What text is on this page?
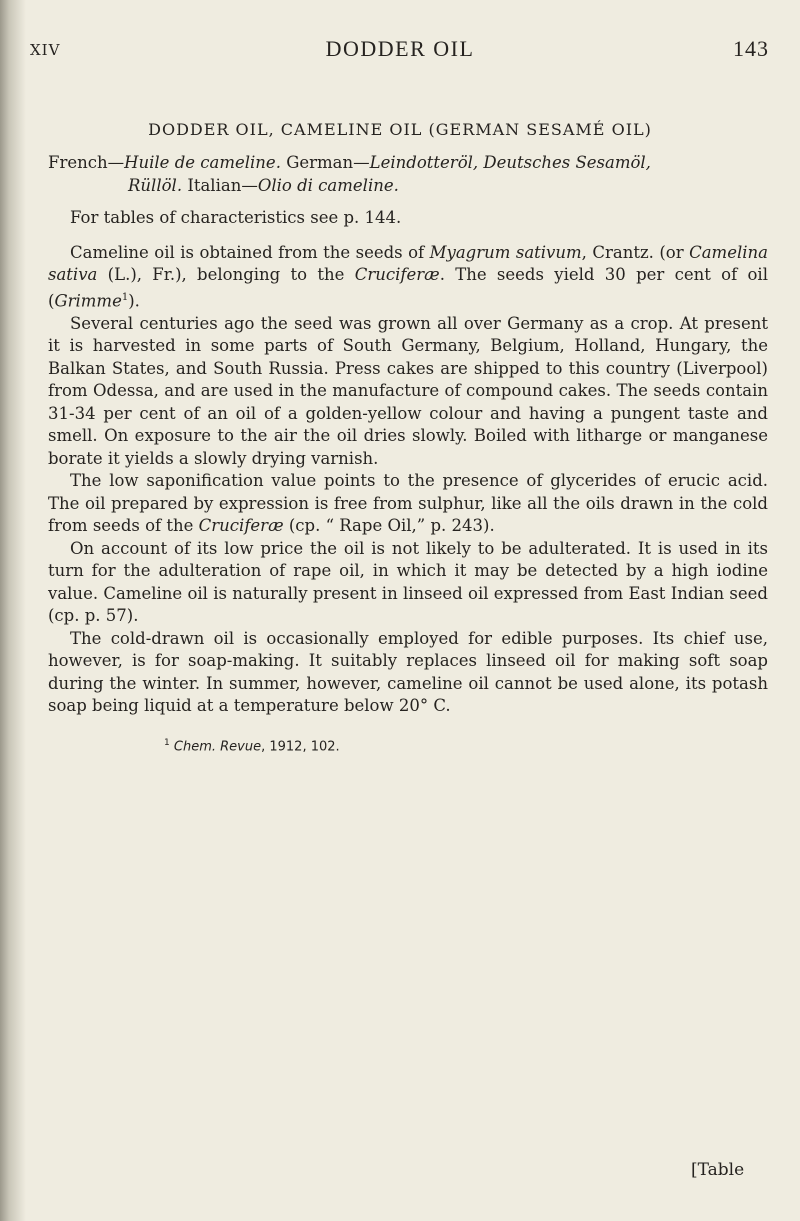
XIV	DODDER OIL	143
DODDER OIL, CAMELINE OIL (GERMAN SESAMÉ OIL)

French—Huile de cameline. German—Leindotteröl, Deutsches Sesamöl,
Rüllöl. Italian—Olio di cameline.

For tables of characteristics see p. 144.

Cameline oil is obtained from the seeds of Myagrum sativum, Crantz. (or Camelina sativa (L.), Fr.), belonging to the Cruciferæ. The seeds yield 30 per cent of oil (Grimme$^1$).

Several centuries ago the seed was grown all over Germany as a crop. At present it is harvested in some parts of South Germany, Belgium, Holland, Hungary, the Balkan States, and South Russia. Press cakes are shipped to this country (Liverpool) from Odessa, and are used in the manufacture of compound cakes. The seeds contain 31-34 per cent of an oil of a golden-yellow colour and having a pungent taste and smell. On exposure to the air the oil dries slowly. Boiled with litharge or manganese borate it yields a slowly drying varnish.

The low saponification value points to the presence of glycerides of erucic acid. The oil prepared by expression is free from sulphur, like all the oils drawn in the cold from seeds of the Cruciferæ (cp. “ Rape Oil,” p. 243).

On account of its low price the oil is not likely to be adulterated. It is used in its turn for the adulteration of rape oil, in which it may be detected by a high iodine value. Cameline oil is naturally present in linseed oil expressed from East Indian seed (cp. p. 57).

The cold-drawn oil is occasionally employed for edible purposes. Its chief use, however, is for soap-making. It suitably replaces linseed oil for making soft soap during the winter. In summer, however, cameline oil cannot be used alone, its potash soap being liquid at a temperature below 20° C.

$^1$ Chem. Revue, 1912, 102.
[Table
